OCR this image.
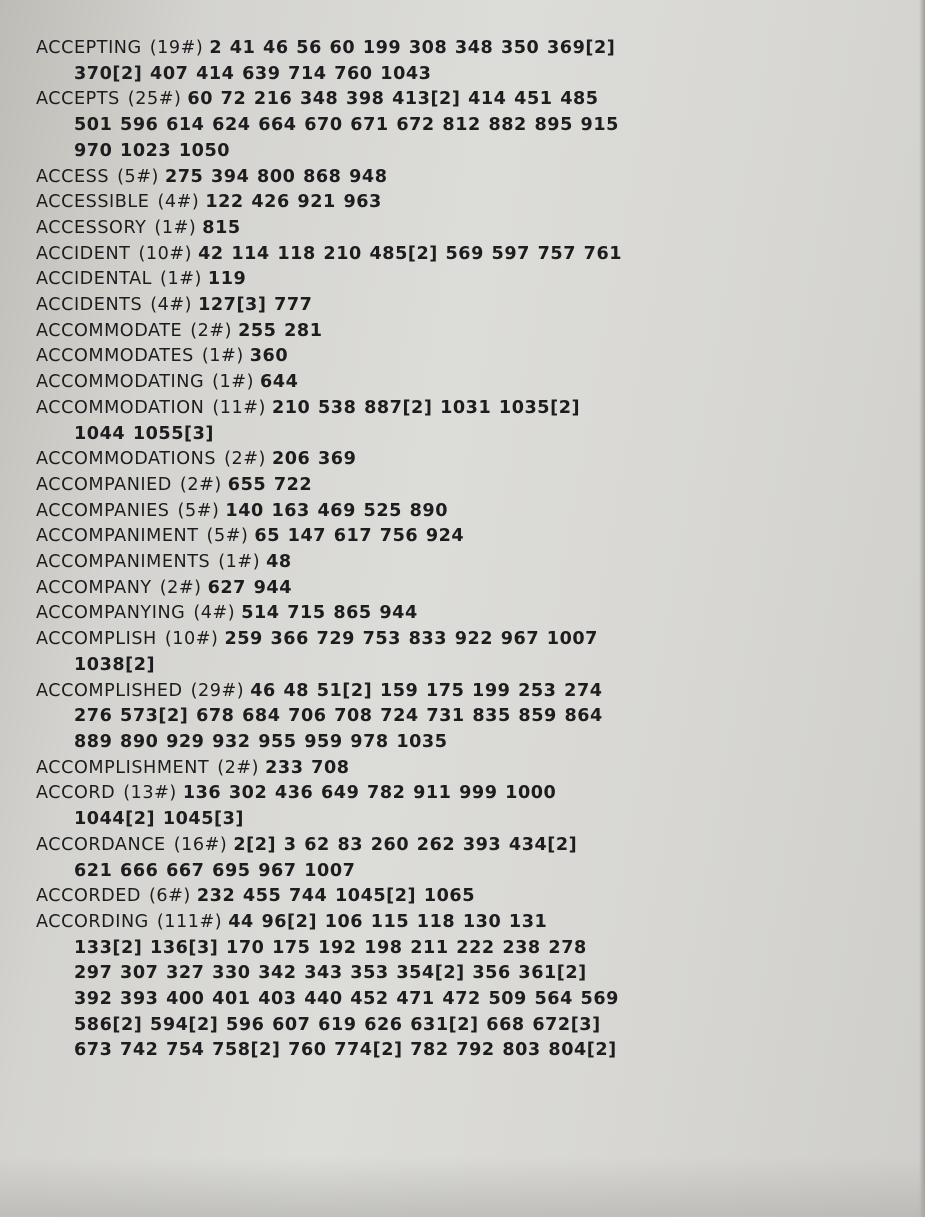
ACCEPTING (19#) 2 41 46 56 60 199 308 348 350 369[2]
370[2] 407 414 639 714 760 1043
ACCEPTS (25#) 60 72 216 348 398 413[2] 414 451 485
501 596 614 624 664 670 671 672 812 882 895 915
970 1023 1050
ACCESS (5#) 275 394 800 868 948
ACCESSIBLE (4#) 122 426 921 963
ACCESSORY (1#) 815
ACCIDENT (10#) 42 114 118 210 485[2] 569 597 757 761
ACCIDENTAL (1#) 119
ACCIDENTS (4#) 127[3] 777
ACCOMMODATE (2#) 255 281
ACCOMMODATES (1#) 360
ACCOMMODATING (1#) 644
ACCOMMODATION (11#) 210 538 887[2] 1031 1035[2]
1044 1055[3]
ACCOMMODATIONS (2#) 206 369
ACCOMPANIED (2#) 655 722
ACCOMPANIES (5#) 140 163 469 525 890
ACCOMPANIMENT (5#) 65 147 617 756 924
ACCOMPANIMENTS (1#) 48
ACCOMPANY (2#) 627 944
ACCOMPANYING (4#) 514 715 865 944
ACCOMPLISH (10#) 259 366 729 753 833 922 967 1007
1038[2]
ACCOMPLISHED (29#) 46 48 51[2] 159 175 199 253 274
276 573[2] 678 684 706 708 724 731 835 859 864
889 890 929 932 955 959 978 1035
ACCOMPLISHMENT (2#) 233 708
ACCORD (13#) 136 302 436 649 782 911 999 1000
1044[2] 1045[3]
ACCORDANCE (16#) 2[2] 3 62 83 260 262 393 434[2]
621 666 667 695 967 1007
ACCORDED (6#) 232 455 744 1045[2] 1065
ACCORDING (111#) 44 96[2] 106 115 118 130 131
133[2] 136[3] 170 175 192 198 211 222 238 278
297 307 327 330 342 343 353 354[2] 356 361[2]
392 393 400 401 403 440 452 471 472 509 564 569
586[2] 594[2] 596 607 619 626 631[2] 668 672[3]
673 742 754 758[2] 760 774[2] 782 792 803 804[2]
